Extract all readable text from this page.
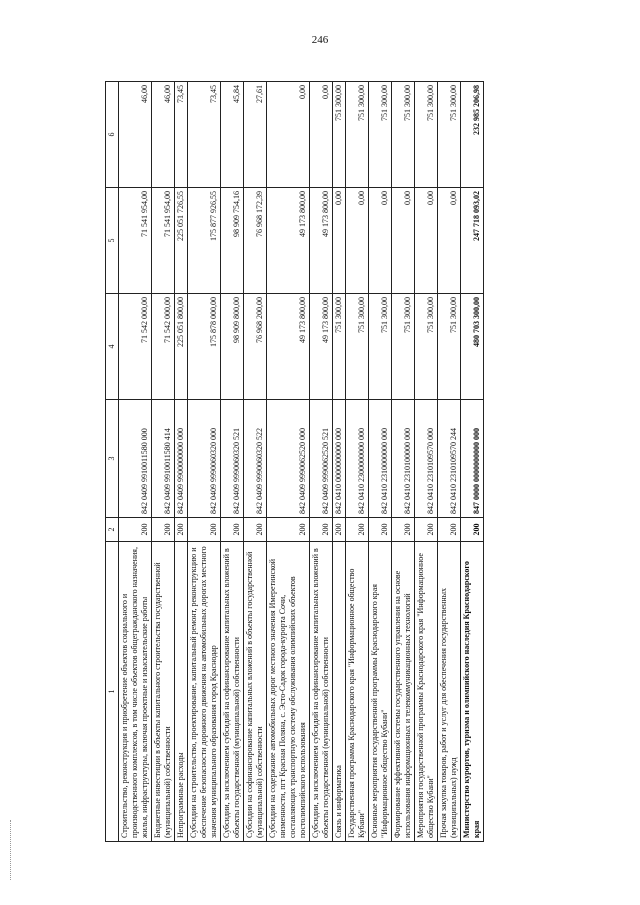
246
1	2	3	4	5	6
Строительство, реконструкция и приобретение объектов социального и производственного комплексов, в том числе объектов общегражданского назначения, жилья, инфраструктуры, включая проектные и изыскательские работы	200	842 0409 9910011580 000	71 542 000,00	71 541 954,00	46,00
Бюджетные инвестиции в объекты капитального строительства государственной (муниципальной) собственности	200	842 0409 9910011580 414	71 542 000,00	71 541 954,00	46,00
Непрограммные расходы	200	842 0409 9900000000 000	225 051 800,00	225 051 726,55	73,45
Субсидии на строительство, проектирование, капитальный ремонт, реконструкцию и обеспечение безопасности дорожного движения на автомобильных дорогах местного значения муниципального образования город Краснодар	200	842 0409 9990060320 000	175 878 000,00	175 877 926,55	73,45
Субсидии, за исключением субсидий на софинансирование капитальных вложений в объекты государственной (муниципальной) собственности	200	842 0409 9990060320 521	98 909 800,00	98 909 754,16	45,84
Субсидии на софинансирование капитальных вложений в объекты государственной (муниципальной) собственности	200	842 0409 9990060320 522	76 968 200,00	76 968 172,39	27,61
Субсидии на содержание автомобильных дорог местного значения Имеретинской низменности, пгт Красная Поляна, с. Эсто-Садок города-курорта Сочи, составляющих транспортную систему обслуживания олимпийских объектов постолимпийского использования	200	842 0409 9990062520 000	49 173 800,00	49 173 800,00	0,00
Субсидии, за исключением субсидий на софинансирование капитальных вложений в объекты государственной (муниципальной) собственности	200	842 0409 9990062520 521	49 173 800,00	49 173 800,00	0,00
Связь и информатика	200	842 0410 0000000000 000	751 300,00	0,00	751 300,00
Государственная программа Краснодарского края "Информационное общество Кубани"	200	842 0410 2300000000 000	751 300,00	0,00	751 300,00
Основные мероприятия государственной программы Краснодарского края "Информационное общество Кубани"	200	842 0410 2310000000 000	751 300,00	0,00	751 300,00
Формирование эффективной системы государственного управления на основе использования информационных и телекоммуникационных технологий	200	842 0410 2310100000 000	751 300,00	0,00	751 300,00
Мероприятия государственной программы Краснодарского края "Информационное общество Кубани"	200	842 0410 2310109570 000	751 300,00	0,00	751 300,00
Прочая закупка товаров, работ и услуг для обеспечения государственных (муниципальных) нужд	200	842 0410 2310109570 244	751 300,00	0,00	751 300,00
Министерство курортов, туризма и олимпийского наследия Краснодарского края	200	847 0000 0000000000 000	480 703 300,00	247 718 093,02	232 985 206,98
